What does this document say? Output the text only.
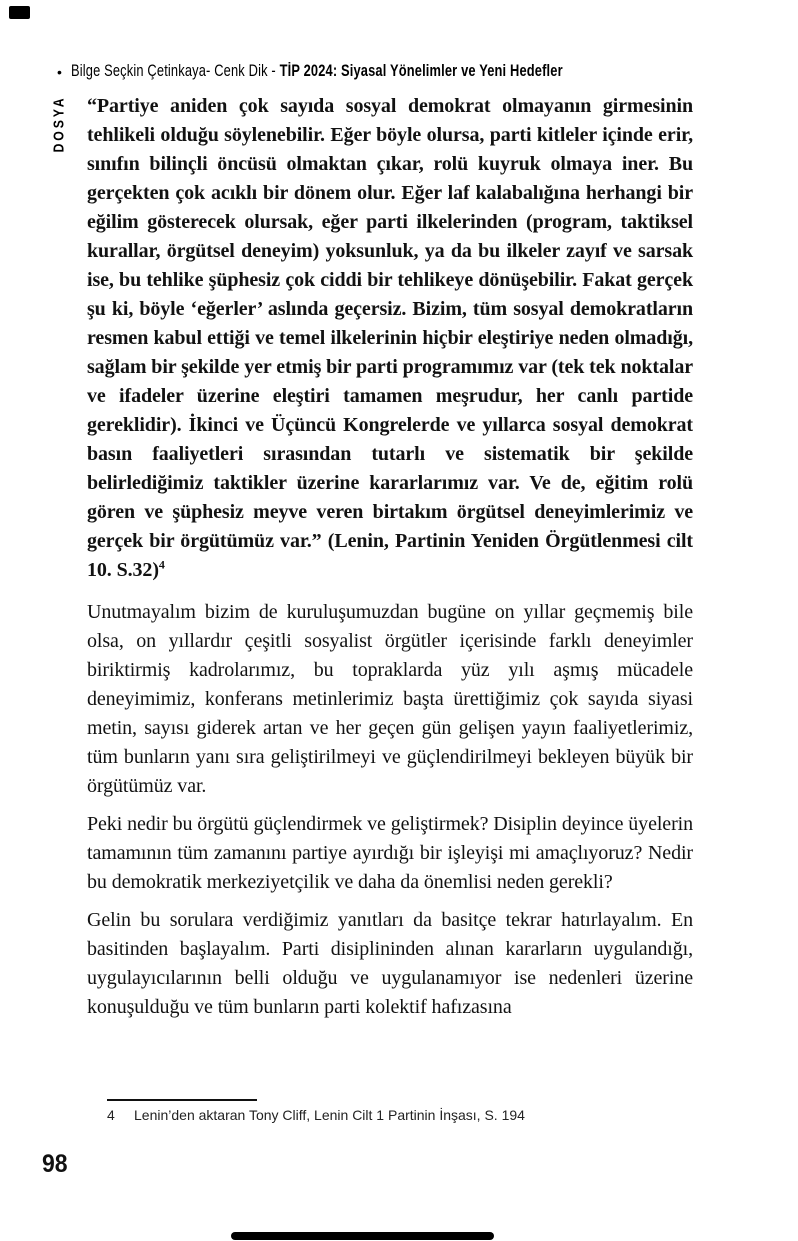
• Bilge Seçkin Çetinkaya- Cenk Dik - TİP 2024: Siyasal Yönelimler ve Yeni Hedefler
DOSYA “Partiye aniden çok sayıda sosyal demokrat olmayanın girmesinin tehlikeli olduğu söylenebilir. Eğer böyle olursa, parti kitleler içinde erir, sınıfın bilinçli öncüsü olmaktan çıkar, rolü kuyruk olmaya iner. Bu gerçekten çok acıklı bir dönem olur. Eğer laf kalabalığına herhangi bir eğilim gösterecek olursak, eğer parti ilkelerinden (program, taktiksel kurallar, örgütsel deneyim) yoksunluk, ya da bu ilkeler zayıf ve sarsak ise, bu tehlike şüphesiz çok ciddi bir tehlikeye dönüşebilir. Fakat gerçek şu ki, böyle ‘eğerler’ aslında geçersiz. Bizim, tüm sosyal demokratların resmen kabul ettiği ve temel ilkelerinin hiçbir eleştiriye neden olmadığı, sağlam bir şekilde yer etmiş bir parti programımız var (tek tek noktalar ve ifadeler üzerine eleştiri tamamen meşrudur, her canlı partide gereklidir). İkinci ve Üçüncü Kongrelerde ve yıllarca sosyal demokrat basın faaliyetleri sırasından tutarlı ve sistematik bir şekilde belirlediğimiz taktikler üzerine kararlarımız var. Ve de, eğitim rolü gören ve şüphesiz meyve veren birtakım örgütsel deneyimlerimiz ve gerçek bir örgütümüz var.” (Lenin, Partinin Yeniden Örgütlenmesi cilt 10. S.32)$^4$

Unutmayalım bizim de kuruluşumuzdan bugüne on yıllar geçmemiş bile olsa, on yıllardır çeşitli sosyalist örgütler içerisinde farklı deneyimler biriktirmiş kadrolarımız, bu topraklarda yüz yılı aşmış mücadele deneyimimiz, konferans metinlerimiz başta ürettiğimiz çok sayıda siyasi metin, sayısı giderek artan ve her geçen gün gelişen yayın faaliyetlerimiz, tüm bunların yanı sıra geliştirilmeyi ve güçlendirilmeyi bekleyen büyük bir örgütümüz var.

Peki nedir bu örgütü güçlendirmek ve geliştirmek? Disiplin deyince üyelerin tamamının tüm zamanını partiye ayırdığı bir işleyişi mi amaçlıyoruz? Nedir bu demokratik merkeziyetçilik ve daha da önemlisi neden gerekli?

Gelin bu sorulara verdiğimiz yanıtları da basitçe tekrar hatırlayalım. En basitinden başlayalım. Parti disiplininden alınan kararların uygulandığı, uygulayıcılarının belli olduğu ve uygulanamıyor ise nedenleri üzerine konuşulduğu ve tüm bunların parti kolektif hafızasına

4	Lenin’den aktaran Tony Cliff, Lenin Cilt 1 Partinin İnşası, S. 194
98
